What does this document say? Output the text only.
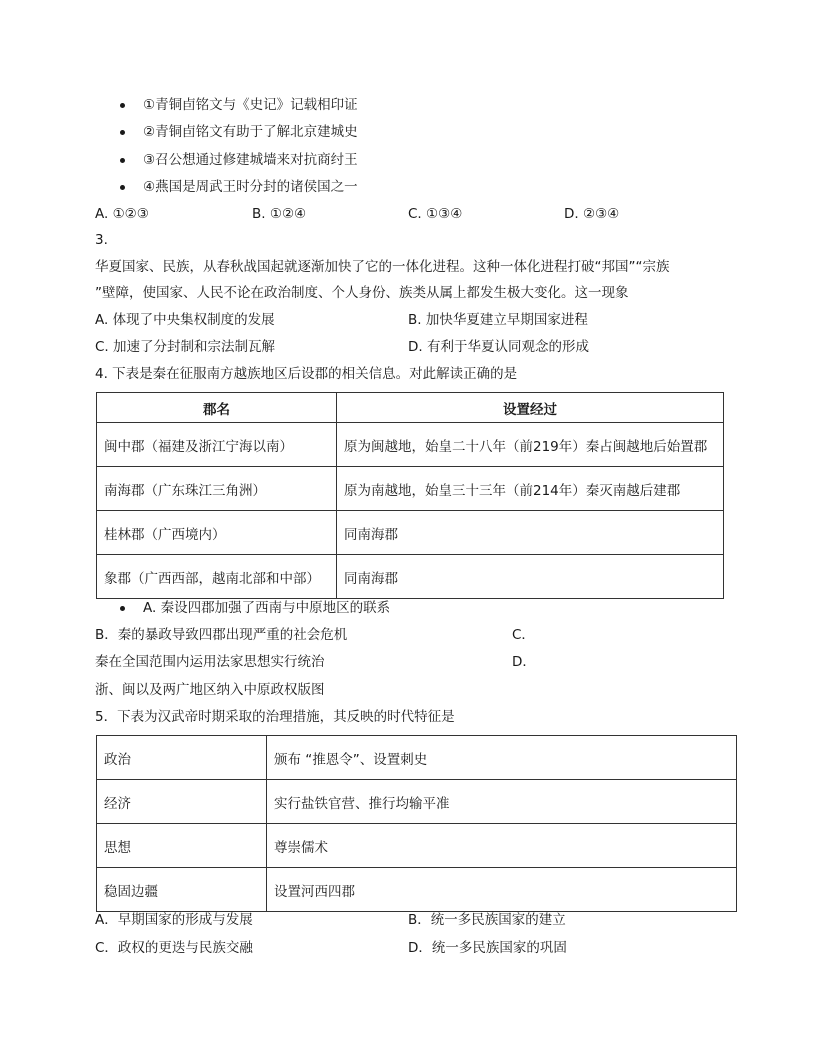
①青铜卣铭文与《史记》记载相印证
②青铜卣铭文有助于了解北京建城史
③召公想通过修建城墙来对抗商纣王
④燕国是周武王时分封的诸侯国之一
A. ①②③	B. ①②④	C. ①③④	D. ②③④
3.
华夏国家、民族，从春秋战国起就逐渐加快了它的一体化进程。这种一体化进程打破“邦国”“宗族
”壁障，使国家、人民不论在政治制度、个人身份、族类从属上都发生极大变化。这一现象
A. 体现了中央集权制度的发展	B. 加快华夏建立早期国家进程
C. 加速了分封制和宗法制瓦解	D. 有利于华夏认同观念的形成
4. 下表是秦在征服南方越族地区后设郡的相关信息。对此解读正确的是
郡名	设置经过
闽中郡（福建及浙江宁海以南）	原为闽越地，始皇二十八年（前219年）秦占闽越地后始置郡
南海郡（广东珠江三角洲）	原为南越地，始皇三十三年（前214年）秦灭南越后建郡
桂林郡（广西境内）	同南海郡
象郡（广西西部，越南北部和中部）	同南海郡
A. 秦设四郡加强了西南与中原地区的联系
B．秦的暴政导致四郡出现严重的社会危机	C．
秦在全国范围内运用法家思想实行统治	D．
浙、闽以及两广地区纳入中原政权版图
5．下表为汉武帝时期采取的治理措施，其反映的时代特征是
政治	颁布 “推恩令”、设置刺史
经济	实行盐铁官营、推行均输平准
思想	尊崇儒术
稳固边疆	设置河西四郡
A．早期国家的形成与发展	B．统一多民族国家的建立
C．政权的更迭与民族交融	D．统一多民族国家的巩固
